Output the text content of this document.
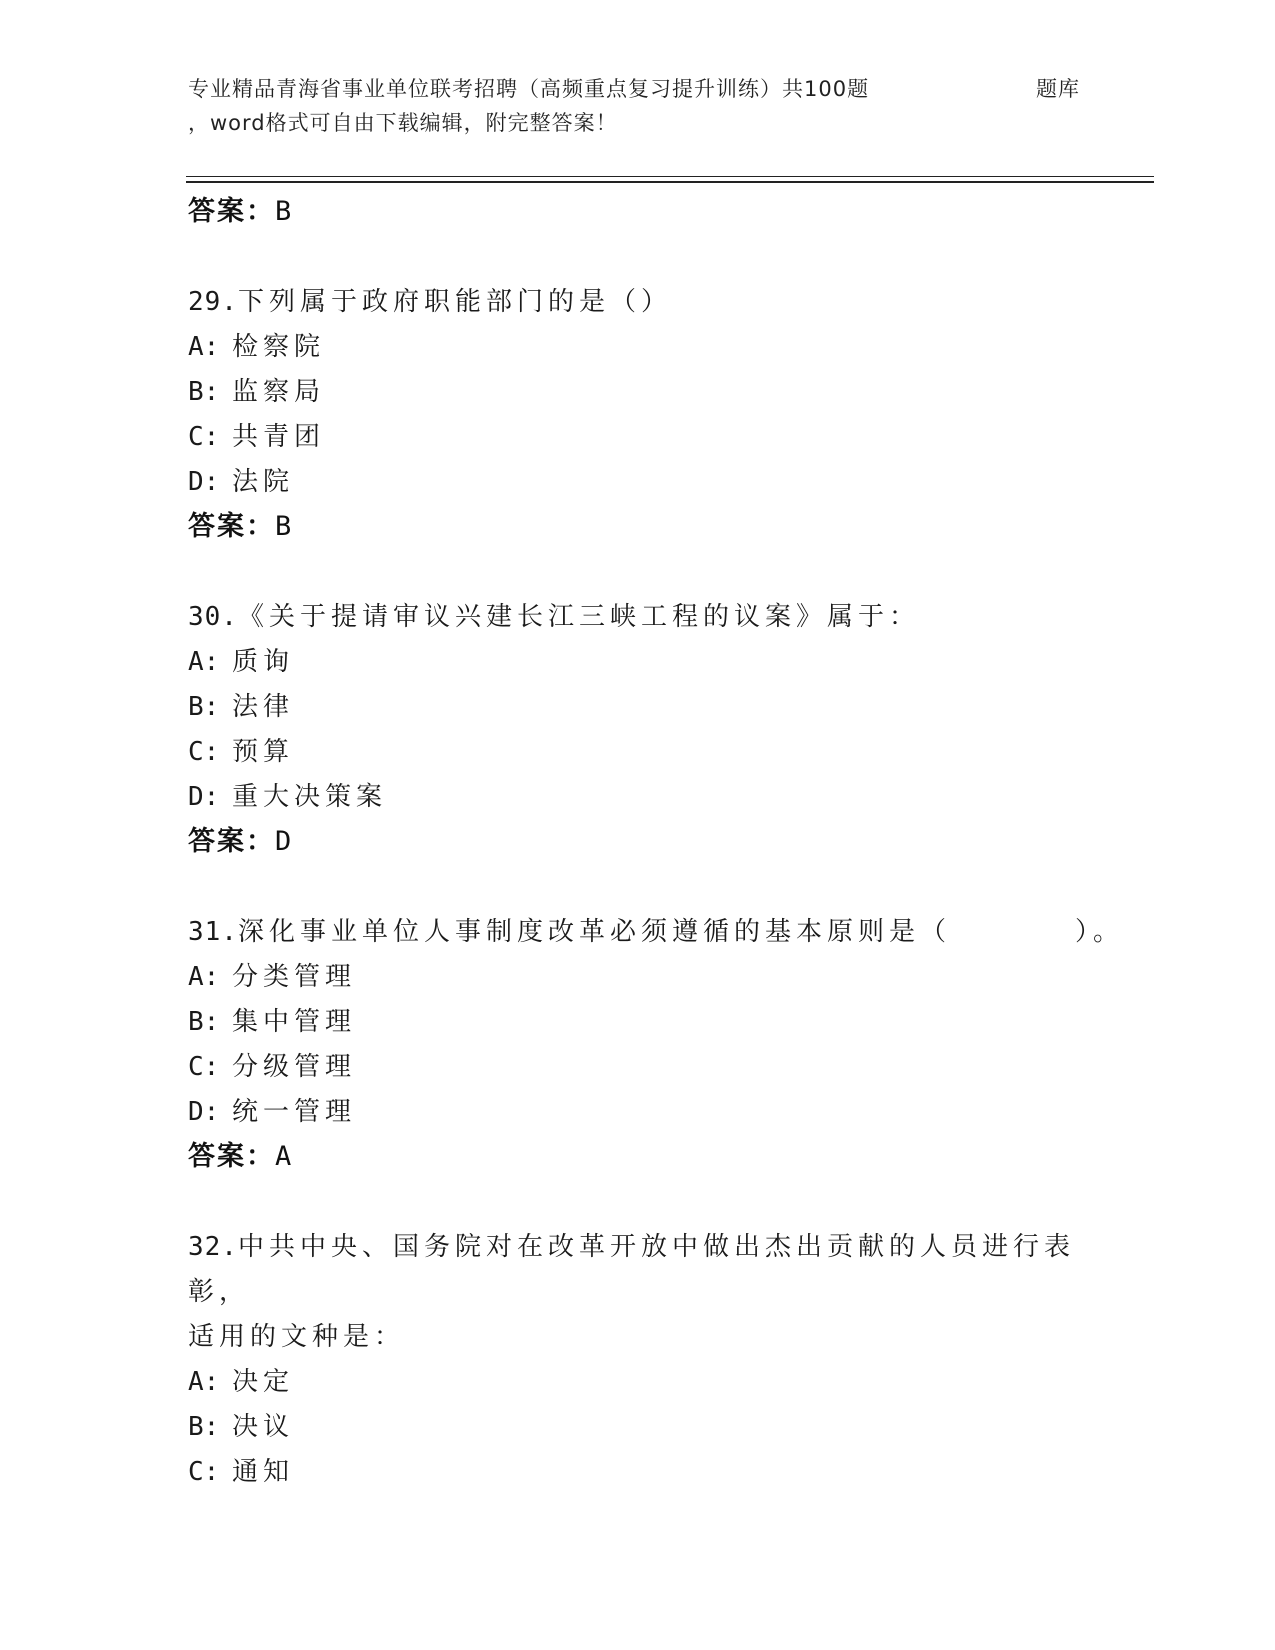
专业精品青海省事业单位联考招聘（高频重点复习提升训练）共100题	题库
，word格式可自由下载编辑，附完整答案！
答案：B
29.下列属于政府职能部门的是（）
A: 检察院
B: 监察局
C: 共青团
D: 法院
答案：B
30.《关于提请审议兴建长江三峡工程的议案》属于：
A: 质询
B: 法律
C: 预算
D: 重大决策案
答案：D
31.深化事业单位人事制度改革必须遵循的基本原则是（　　　　）。
A: 分类管理
B: 集中管理
C: 分级管理
D: 统一管理
答案：A
32.中共中央、国务院对在改革开放中做出杰出贡献的人员进行表彰，
适用的文种是：
A: 决定
B: 决议
C: 通知
